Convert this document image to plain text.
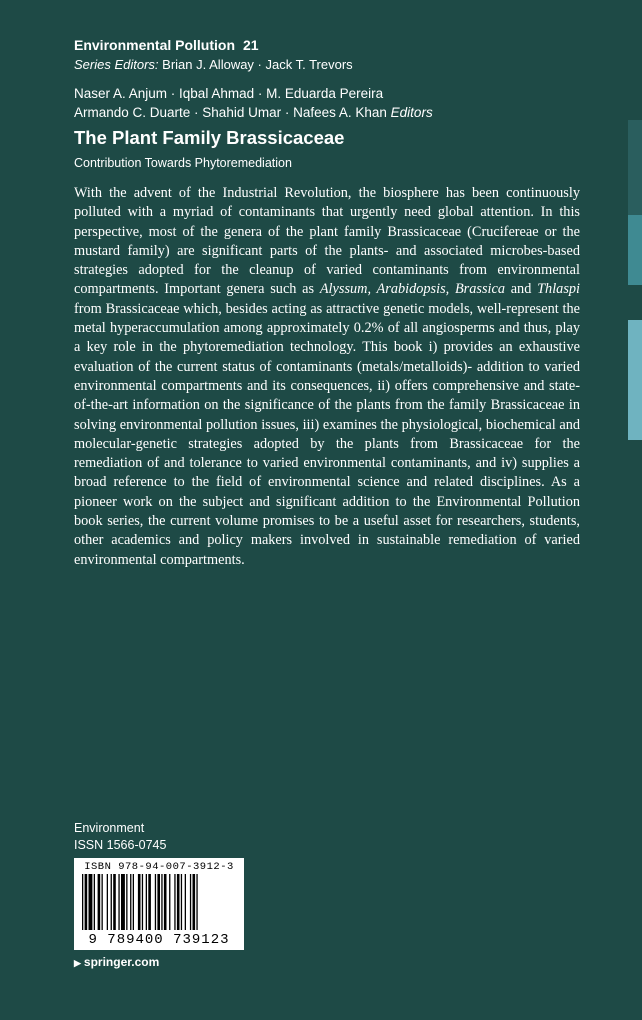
Environmental Pollution 21
Series Editors: Brian J. Alloway · Jack T. Trevors
Naser A. Anjum · Iqbal Ahmad · M. Eduarda Pereira
Armando C. Duarte · Shahid Umar · Nafees A. Khan Editors
The Plant Family Brassicaceae
Contribution Towards Phytoremediation

With the advent of the Industrial Revolution, the biosphere has been continuously polluted with a myriad of contaminants that urgently need global attention. In this perspective, most of the genera of the plant family Brassicaceae (Crucifereae or the mustard family) are significant parts of the plants- and associated microbes-based strategies adopted for the cleanup of varied contaminants from environmental compartments. Important genera such as Alyssum, Arabidopsis, Brassica and Thlaspi from Brassicaceae which, besides acting as attractive genetic models, well-represent the metal hyperaccumulation among approximately 0.2% of all angiosperms and thus, play a key role in the phytoremediation technology. This book i) provides an exhaustive evaluation of the current status of contaminants (metals/metalloids)- addition to varied environmental compartments and its consequences, ii) offers comprehensive and state-of-the-art information on the significance of the plants from the family Brassicaceae in solving environmental pollution issues, iii) examines the physiological, biochemical and molecular-genetic strategies adopted by the plants from Brassicaceae for the remediation of and tolerance to varied environmental contaminants, and iv) supplies a broad reference to the field of environmental science and related disciplines. As a pioneer work on the subject and significant addition to the Environmental Pollution book series, the current volume promises to be a useful asset for researchers, students, other academics and policy makers involved in sustainable remediation of varied environmental compartments.

Environment
ISSN 1566-0745
ISBN 978-94-007-3912-3
9 789400 739123
▶ springer.com
